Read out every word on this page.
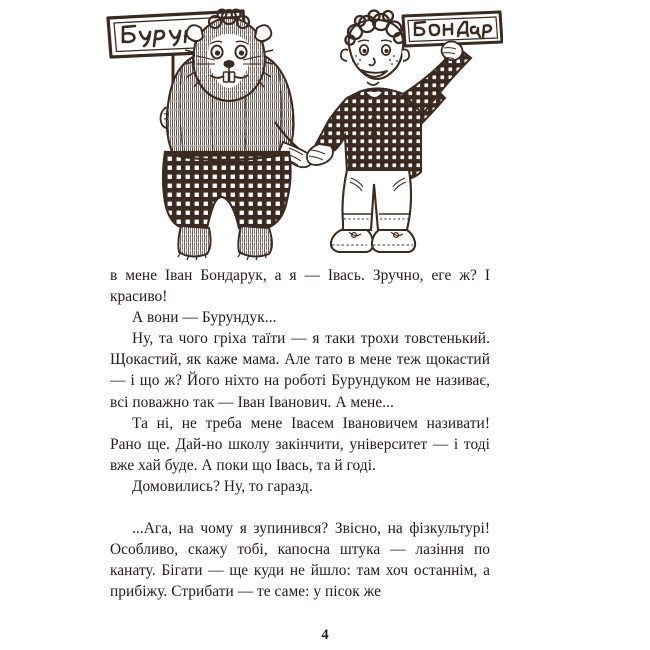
в мене Іван Бондарук, а я — Івась. Зручно, еге ж? І красиво!

А вони — Бурундук...

Ну, та чого гріха таїти — я таки трохи товстенький. Щокастий, як каже мама. Але тато в мене теж щокастий — і що ж? Його ніхто на роботі Бурундуком не називає, всі поважно так — Іван Іванович. А мене...

Та ні, не треба мене Івасем Івановичем називати! Рано ще. Дай-но школу закінчити, університет — і тоді вже хай буде. А поки що Івась, та й годі.

Домовились? Ну, то гаразд.

...Ага, на чому я зупинився? Звісно, на фізкультурі! Особливо, скажу тобі, капосна штука — лазіння по канату. Бігати — ще куди не йшло: там хоч останнім, а прибіжу. Стрибати — те саме: у пісок же

4
